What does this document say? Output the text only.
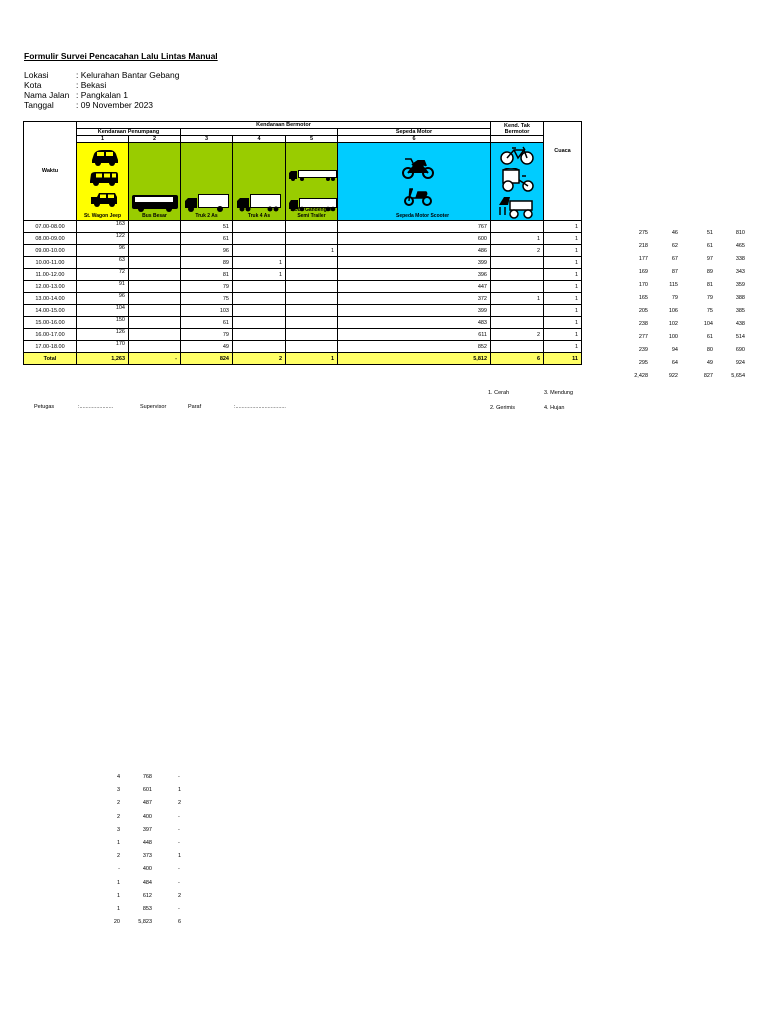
Formulir Survei Pencacahan Lalu Lintas Manual
Lokasi	: Kelurahan Bantar Gebang
Kota	: Bekasi
Nama Jalan : Pangkalan 1
Tanggal	: 09 November 2023
Waktu	Kendaraan Bermotor						Kend. Tak Bermotor	Cuaca
	Kendaraan Penumpang					Sepeda Motor		
	1	2	3	4	5	6		

	St. Wagon Jeep	Bus Besar	Truk 2 As	Truk 4 As	Mobil Gandengan Semi Trailer	Sepeda Motor Scooter

07.00-08.00	163		51			767		1
08.00-09.00	122		61			600	1	1
09.00-10.00	96		96		1	486	2	1
10.00-11.00	63		89	1		399		1
11.00-12.00	72		81	1		396		1
12.00-13.00	91		79			447		1
13.00-14.00	96		75			372	1	1
14.00-15.00	104		103			399		1
15.00-16.00	150		61			483		1
16.00-17.00	126		79			611	2	1
17.00-18.00	170		49			852		1
Total	1,263	-	824	2	1	5,812	6	11
275	46	51	810
218	62	61	465
177	67	97	338
169	87	89	343
170	115	81	359
165	79	79	388
205	106	75	385
238	102	104	438
277	100	61	514
239	94	80	690
295	64	49	924
2,428	922	827	5,654
1. Cerah	3. Mendung
2. Gerimis	4. Hujan
Petugas	:......................	Supervisor	Paraf	:.................................
4	768	-
3	601	1
2	487	2
2	400	-
3	397	-
1	448	-
2	373	1
-	400	-
1	484	-
1	612	2
1	853	-
20	5,823	6
